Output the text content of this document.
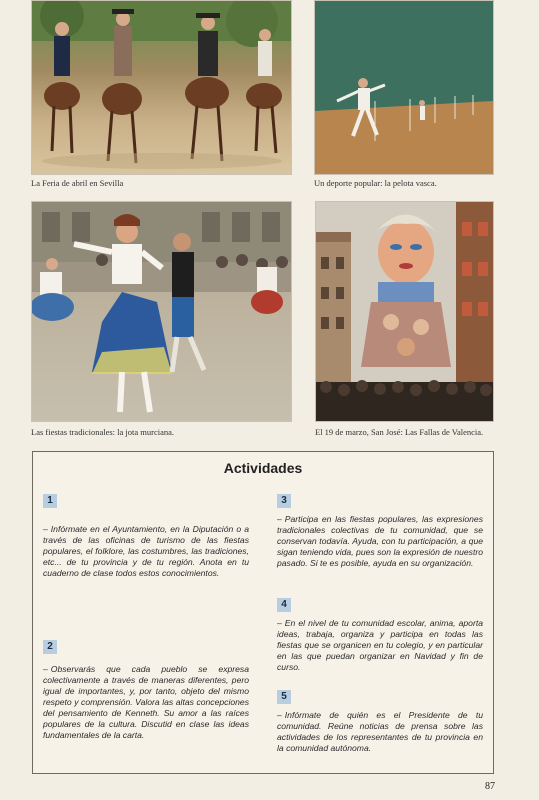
La Feria de abril en Sevilla	Un deporte popular: la pelota vasca.
Las fiestas tradicionales: la jota murciana.	El 19 de marzo, San José: Las Fallas de Valencia.
Actividades
1
– Infórmate en el Ayuntamiento, en la Diputación o a través de las oficinas de turismo de las fiestas populares, el folklore, las costumbres, las tradiciones, etc... de tu provincia y de tu región. Anota en tu cuaderno de clase todos estos conocimientos.
2
– Observarás que cada pueblo se expresa colectivamente a través de maneras diferentes, pero igual de importantes, y, por tanto, objeto del mismo respeto y comprensión. Valora las altas concepciones del pensamiento de Kenneth. Su amor a las raíces populares de la cultura. Discutid en clase las ideas fundamentales de la carta.
3
– Participa en las fiestas populares, las expresiones tradicionales colectivas de tu comunidad, que se conservan todavía. Ayuda, con tu participación, a que sigan teniendo vida, pues son la expresión de nuestro pasado. Si te es posible, ayuda en su organización.
4
– En el nivel de tu comunidad escolar, anima, aporta ideas, trabaja, organiza y participa en todas las fiestas que se organicen en tu colegio, y en particular en las que puedan organizar en Navidad y fin de curso.
5
– Infórmate de quién es el Presidente de tu comunidad. Reúne noticias de prensa sobre las actividades de los representantes de tu provincia en la comunidad autónoma.
87
